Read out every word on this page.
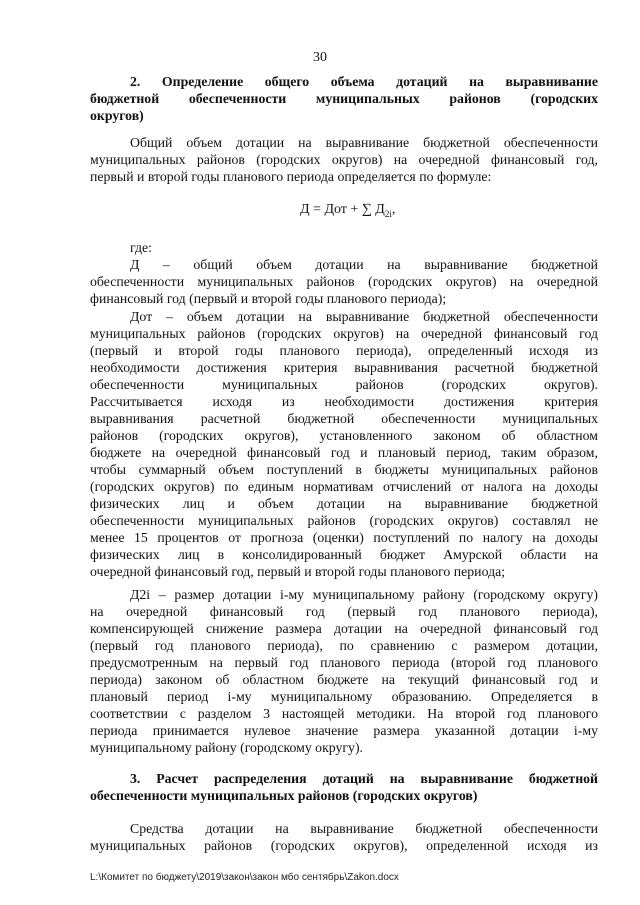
30
2. Определение общего объема дотаций на выравнивание
бюджетной обеспеченности муниципальных районов (городских
округов)
Общий объем дотации на выравнивание бюджетной обеспеченности
муниципальных районов (городских округов) на очередной финансовый год,
первый и второй годы планового периода определяется по формуле:
Д = Дот + ∑ $Д_{2i}$,
где:
Д – общий объем дотации на выравнивание бюджетной
обеспеченности муниципальных районов (городских округов) на очередной
финансовый год (первый и второй годы планового периода);
Дот – объем дотации на выравнивание бюджетной обеспеченности
муниципальных районов (городских округов) на очередной финансовый год
(первый и второй годы планового периода), определенный исходя из
необходимости достижения критерия выравнивания расчетной бюджетной
обеспеченности муниципальных районов (городских округов).
Рассчитывается исходя из необходимости достижения критерия
выравнивания расчетной бюджетной обеспеченности муниципальных
районов (городских округов), установленного законом об областном
бюджете на очередной финансовый год и плановый период, таким образом,
чтобы суммарный объем поступлений в бюджеты муниципальных районов
(городских округов) по единым нормативам отчислений от налога на доходы
физических лиц и объем дотации на выравнивание бюджетной
обеспеченности муниципальных районов (городских округов) составлял не
менее 15 процентов от прогноза (оценки) поступлений по налогу на доходы
физических лиц в консолидированный бюджет Амурской области на
очередной финансовый год, первый и второй годы планового периода;
Д2i – размер дотации i-му муниципальному району (городскому округу)
на очередной финансовый год (первый год планового периода),
компенсирующей снижение размера дотации на очередной финансовый год
(первый год планового периода), по сравнению с размером дотации,
предусмотренным на первый год планового периода (второй год планового
периода) законом об областном бюджете на текущий финансовый год и
плановый период i-му муниципальному образованию. Определяется в
соответствии с разделом 3 настоящей методики. На второй год планового
периода принимается нулевое значение размера указанной дотации i-му
муниципальному району (городскому округу).
3. Расчет распределения дотаций на выравнивание бюджетной
обеспеченности муниципальных районов (городских округов)
Средства дотации на выравнивание бюджетной обеспеченности
муниципальных районов (городских округов), определенной исходя из
L:\Комитет по бюджету\2019\закон\закон мбо сентябрь\Zakon.docx
